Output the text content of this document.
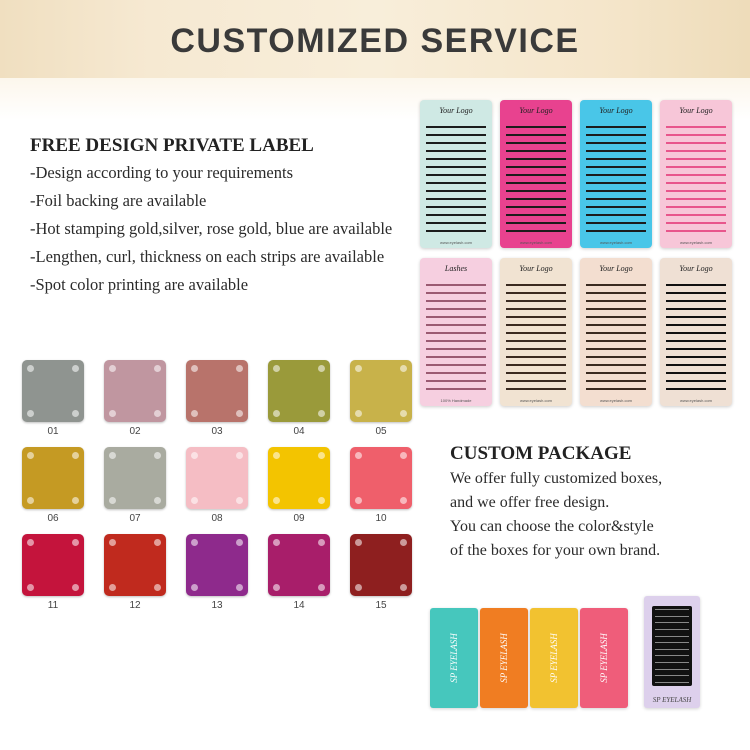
CUSTOMIZED SERVICE
FREE DESIGN PRIVATE LABEL
-Design according to your requirements
-Foil backing are available
-Hot stamping gold,silver, rose gold, blue are available
-Lengthen, curl, thickness on each strips are available
-Spot color printing are available
01	02	03	04	05
06	07	08	09	10
11	12	13	14	15
Your Logo
www.eyelash.com
Your Logo
www.eyelash.com
Your Logo
www.eyelash.com
Your Logo
www.eyelash.com
Lashes
100% Handmade
Your Logo
www.eyelash.com
Your Logo
www.eyelash.com
Your Logo
www.eyelash.com
CUSTOM PACKAGE

We offer fully customized boxes,

and we offer free design.

You can choose the color&style

of the boxes for your own brand.

SP EYELASH	SP EYELASH	SP EYELASH	SP EYELASH
SP EYELASH
